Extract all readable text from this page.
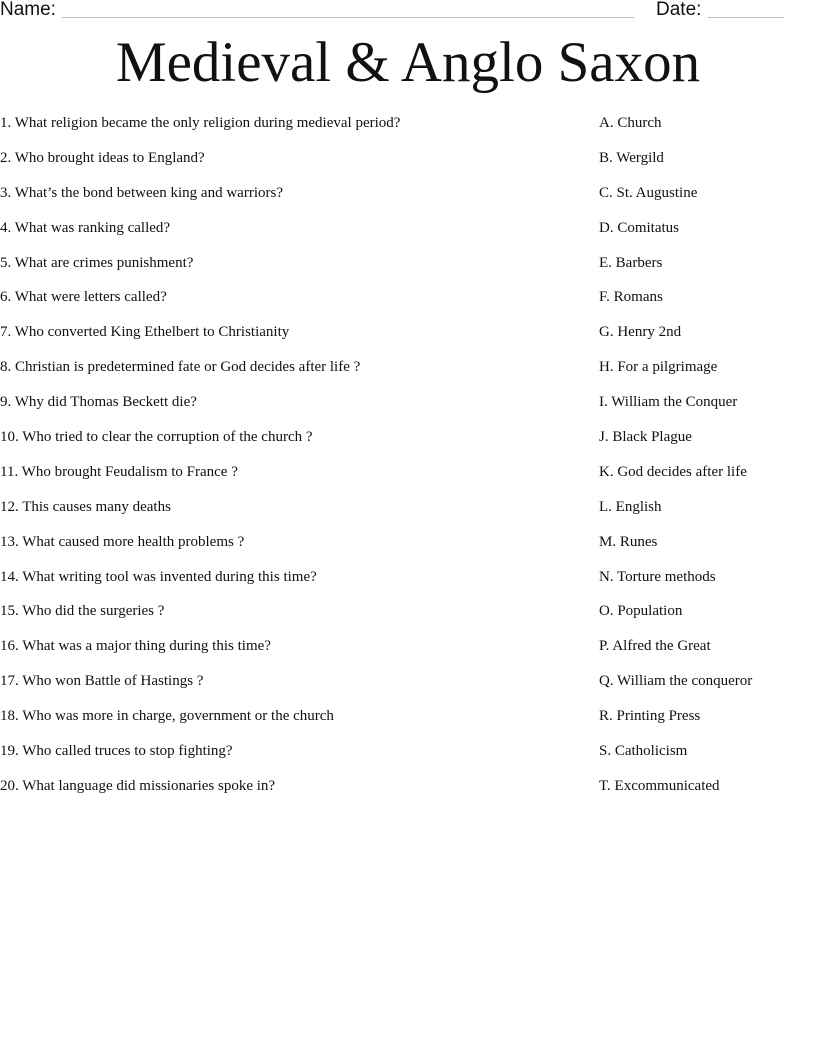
Name:	Date:
Medieval & Anglo Saxon
1. What religion became the only religion during medieval period?
2. Who brought ideas to England?
3. What’s the bond between king and warriors?
4. What was ranking called?
5. What are crimes punishment?
6. What were letters called?
7. Who converted King Ethelbert to Christianity
8. Christian is predetermined fate or God decides after life ?
9. Why did Thomas Beckett die?
10. Who tried to clear the corruption of the church ?
11. Who brought Feudalism to France ?
12. This causes many deaths
13. What caused more health problems ?
14. What writing tool was invented during this time?
15. Who did the surgeries ?
16. What was a major thing during this time?
17. Who won Battle of Hastings ?
18. Who was more in charge, government or the church
19. Who called truces to stop fighting?
20. What language did missionaries spoke in?
A. Church
B. Wergild
C. St. Augustine
D. Comitatus
E. Barbers
F. Romans
G. Henry 2nd
H. For a pilgrimage
I. William the Conquer
J. Black Plague
K. God decides after life
L. English
M. Runes
N. Torture methods
O. Population
P. Alfred the Great
Q. William the conqueror
R. Printing Press
S. Catholicism
T. Excommunicated
